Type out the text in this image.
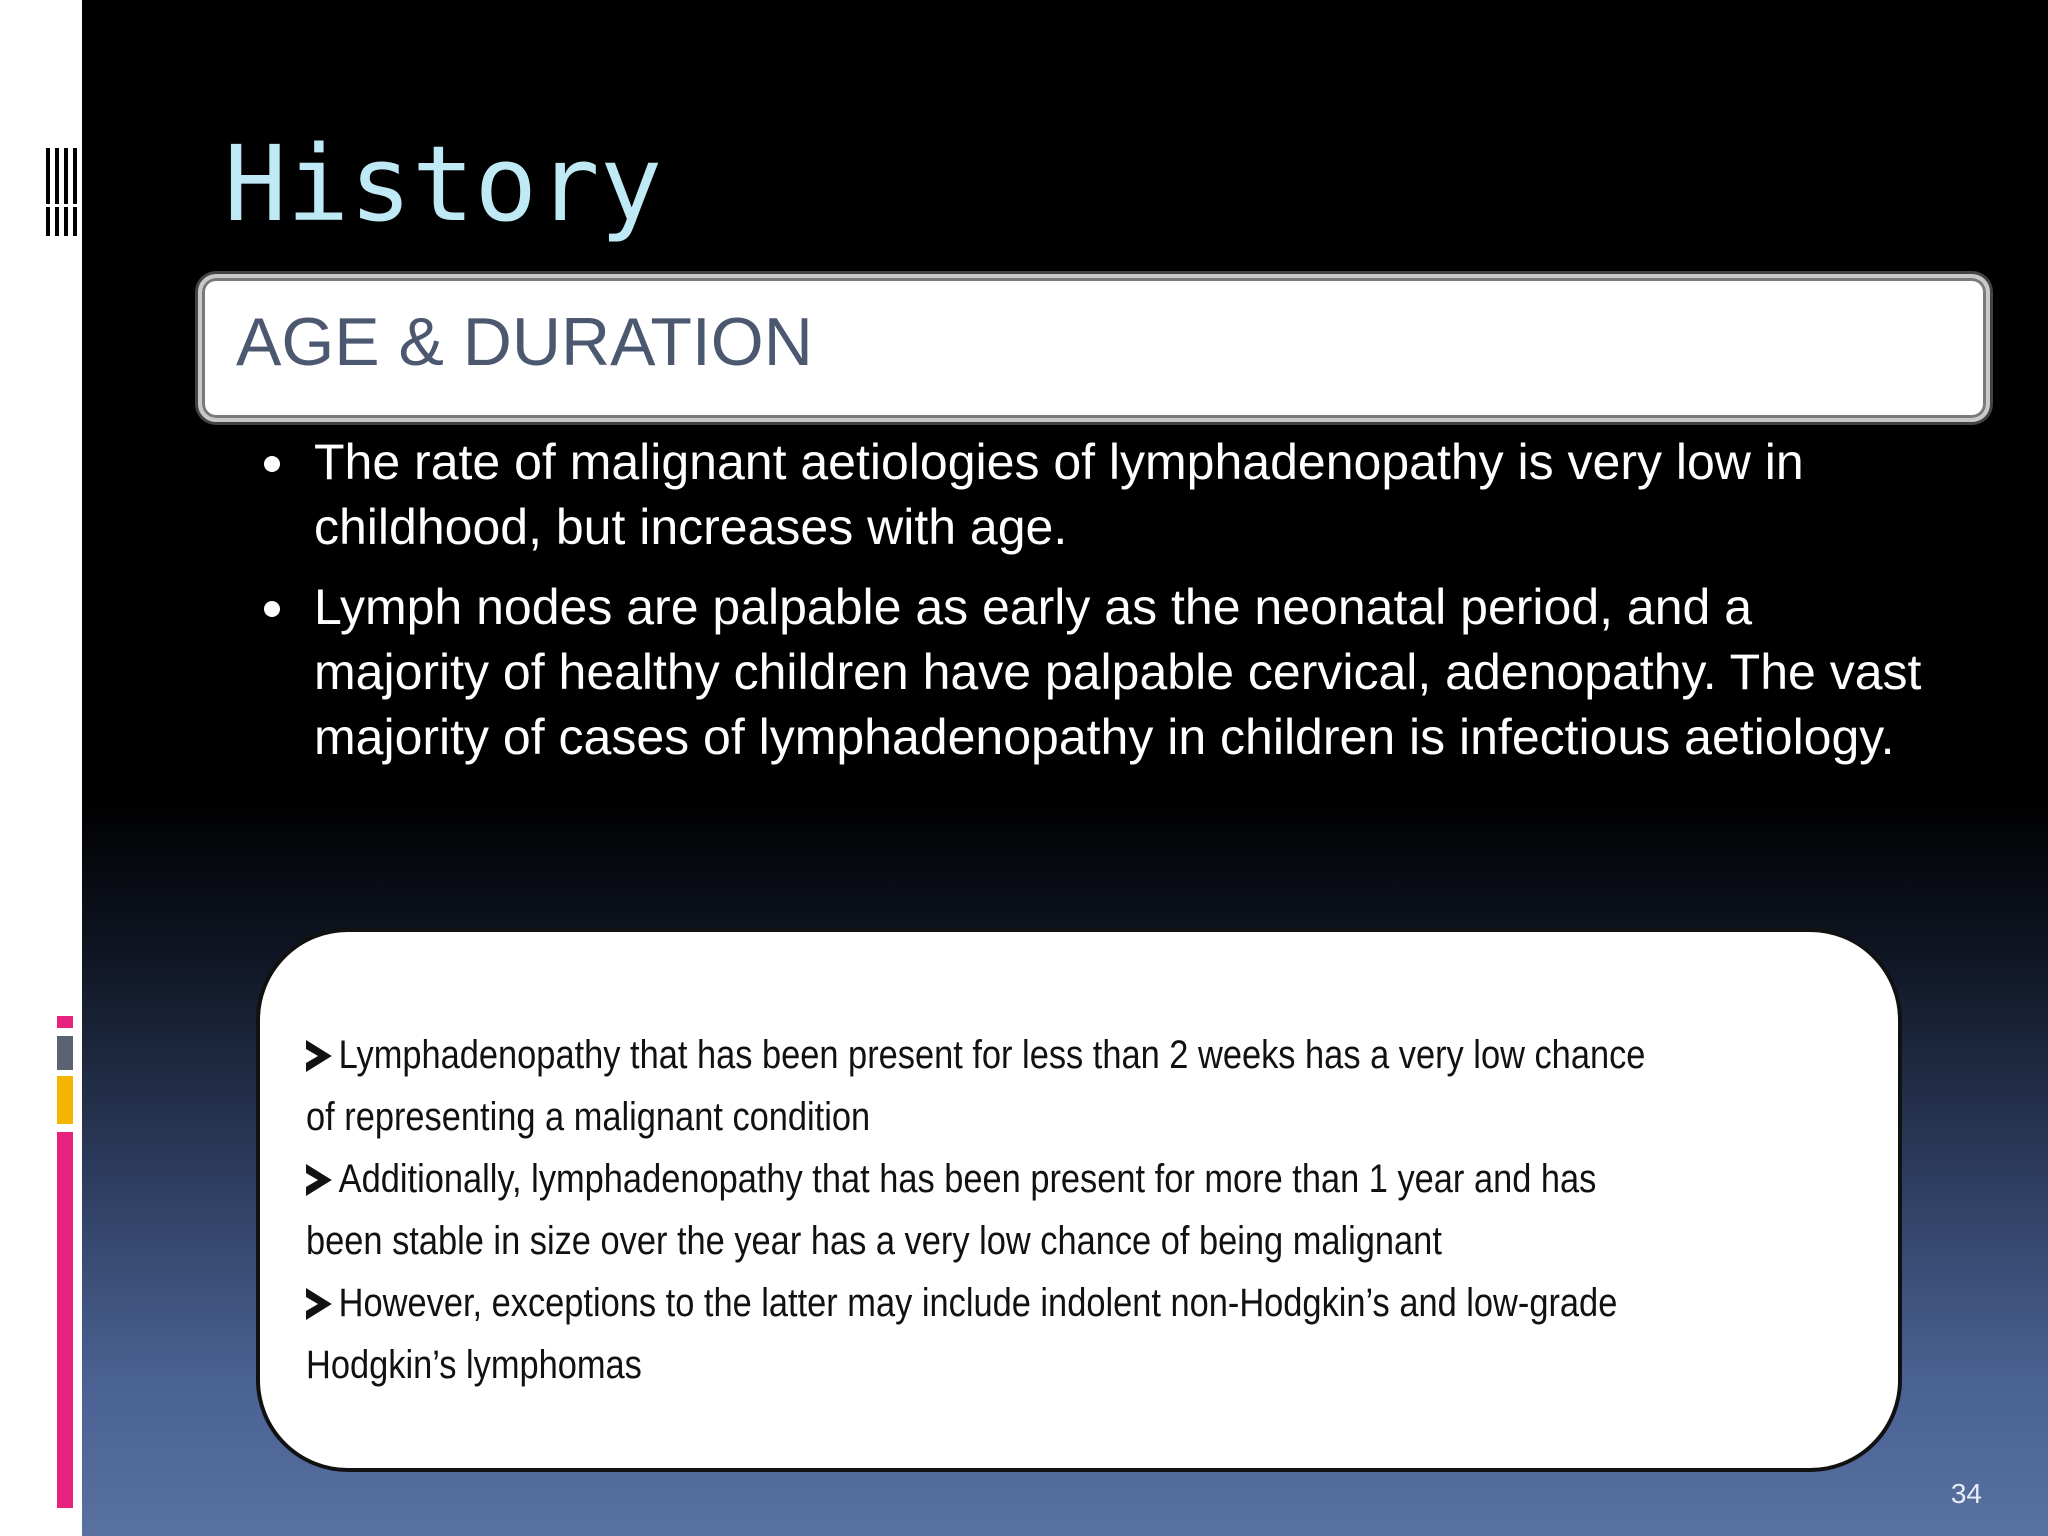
History
AGE & DURATION
The rate of malignant aetiologies of lymphadenopathy is very low in childhood, but increases with age.
Lymph nodes are palpable as early as the neonatal period, and a majority of healthy children have palpable cervical, adenopathy. The vast majority of cases of lymphadenopathy in children is infectious aetiology.

Lymphadenopathy that has been present for less than 2 weeks has a very low chance of representing a malignant condition

Additionally, lymphadenopathy that has been present for more than 1 year and has been stable in size over the year has a very low chance of being malignant

However, exceptions to the latter may include indolent non-Hodgkin’s and low-grade Hodgkin’s lymphomas

34
